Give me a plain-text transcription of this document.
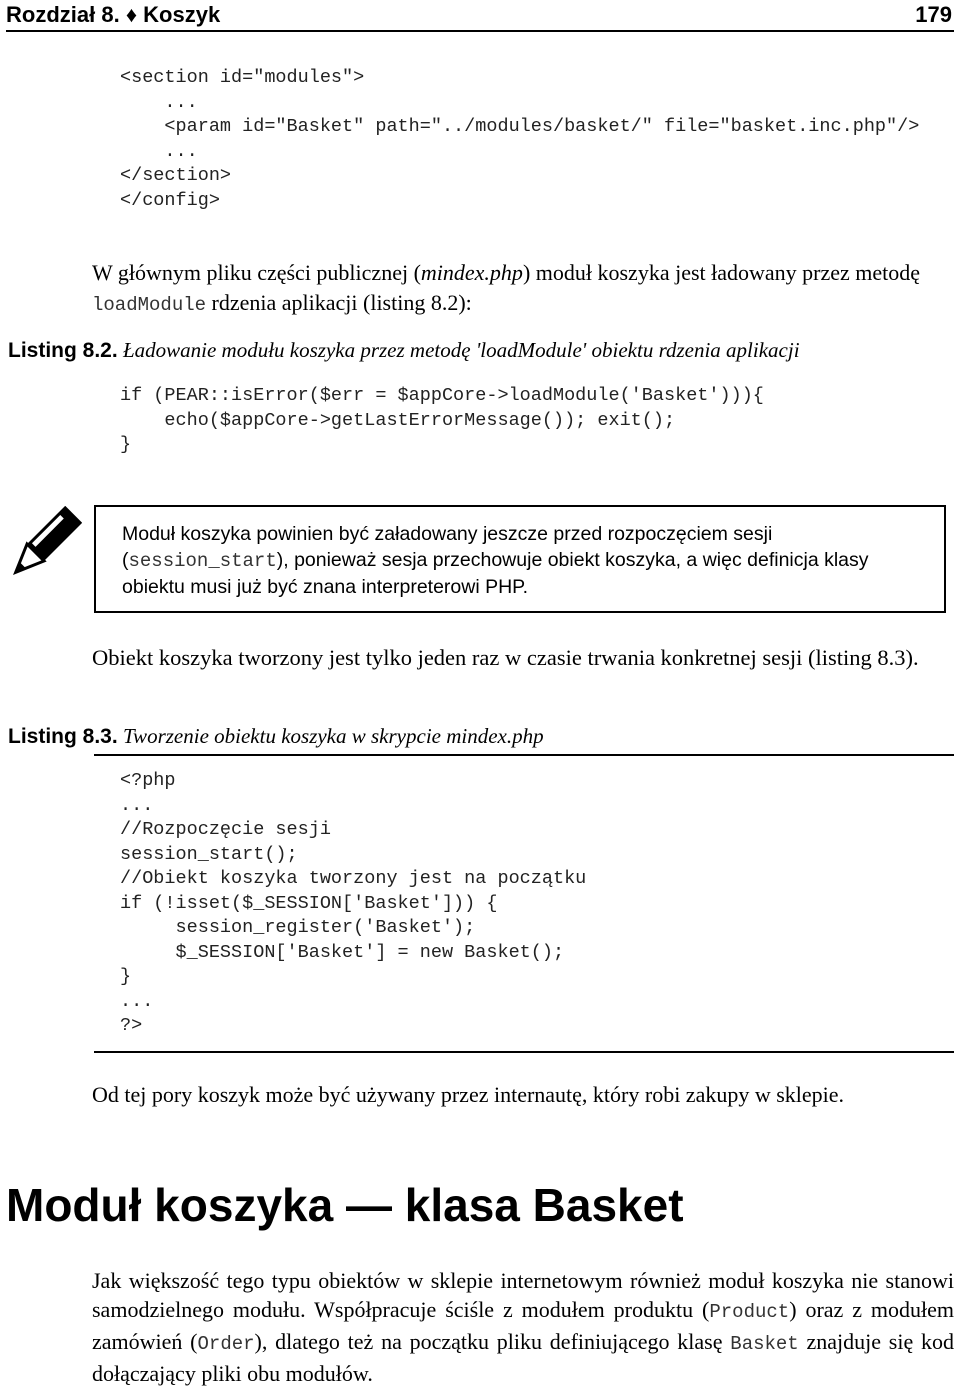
Rozdział 8. ♦ Koszyk	179
<section id="modules">
...
<param id="Basket" path="../modules/basket/" file="basket.inc.php"/>
...
</section>
</config>

W głównym pliku części publicznej (mindex.php) moduł koszyka jest ładowany przez metodę loadModule rdzenia aplikacji (listing 8.2):

Listing 8.2. Ładowanie modułu koszyka przez metodę 'loadModule' obiektu rdzenia aplikacji
if (PEAR::isError($err = $appCore->loadModule('Basket'))){
echo($appCore->getLastErrorMessage()); exit();
}

Moduł koszyka powinien być załadowany jeszcze przed rozpoczęciem sesji (session_start), ponieważ sesja przechowuje obiekt koszyka, a więc definicja klasy obiektu musi już być znana interpreterowi PHP.

Obiekt koszyka tworzony jest tylko jeden raz w czasie trwania konkretnej sesji (listing 8.3).

Listing 8.3. Tworzenie obiektu koszyka w skrypcie mindex.php
<?php
...
//Rozpoczęcie sesji
session_start();
//Obiekt koszyka tworzony jest na początku
if (!isset($_SESSION['Basket'])) {
session_register('Basket');
$_SESSION['Basket'] = new Basket();
}
...
?>

Od tej pory koszyk może być używany przez internautę, który robi zakupy w sklepie.

Moduł koszyka — klasa Basket

Jak większość tego typu obiektów w sklepie internetowym również moduł koszyka nie stanowi samodzielnego modułu. Współpracuje ściśle z modułem produktu (Product) oraz z modułem zamówień (Order), dlatego też na początku pliku definiującego klasę Basket znajduje się kod dołączający pliki obu modułów.
